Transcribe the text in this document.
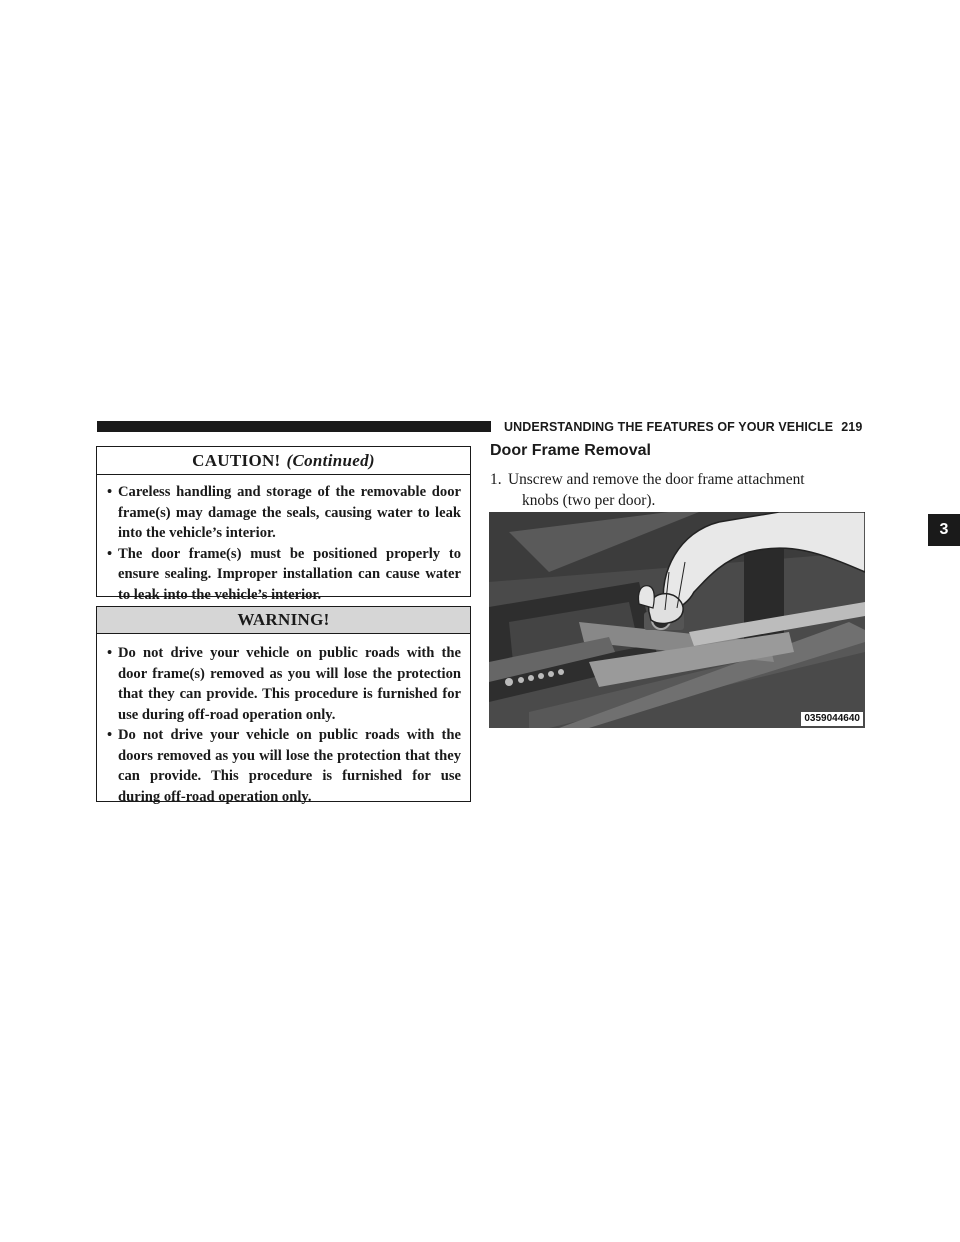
UNDERSTANDING THE FEATURES OF YOUR VEHICLE 219
3
CAUTION! (Continued)
• Careless handling and storage of the removable door frame(s) may damage the seals, causing water to leak into the vehicle’s interior.
• The door frame(s) must be positioned properly to ensure sealing. Improper installation can cause water to leak into the vehicle’s interior.
WARNING!
• Do not drive your vehicle on public roads with the door frame(s) removed as you will lose the protection that they can provide. This procedure is furnished for use during off-road operation only.
• Do not drive your vehicle on public roads with the doors removed as you will lose the protection that they can provide. This procedure is furnished for use during off-road operation only.
Door Frame Removal
1. Unscrew and remove the door frame attachment
knobs (two per door).
0359044640
